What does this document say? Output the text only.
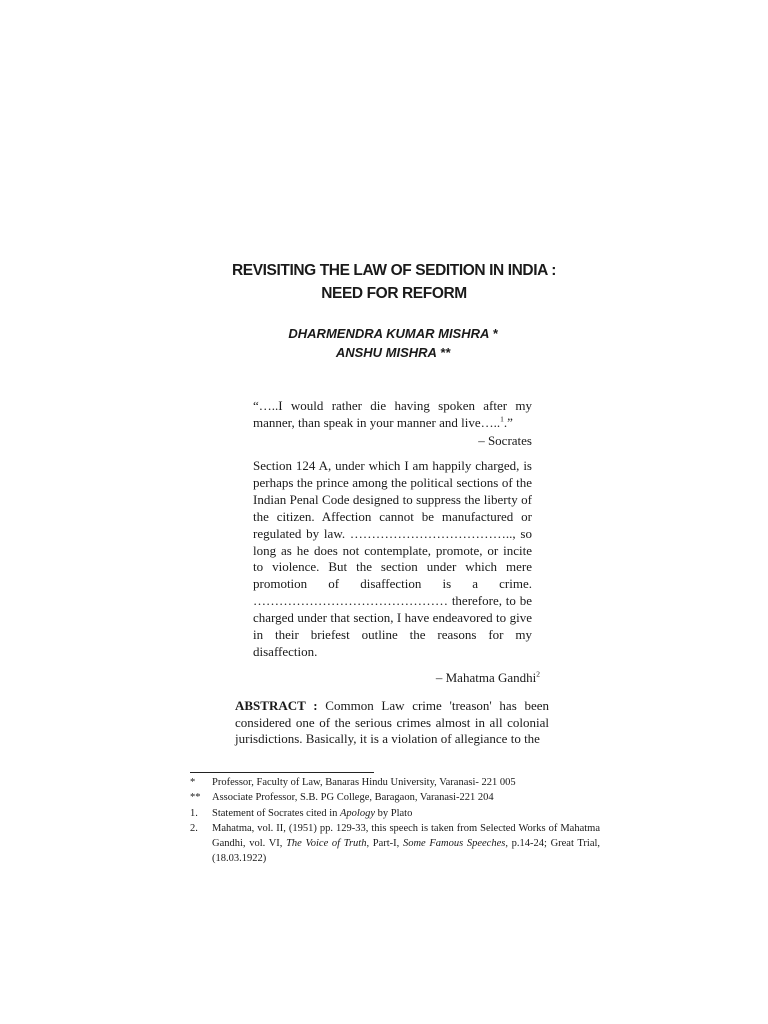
REVISITING THE LAW OF SEDITION IN INDIA :
NEED FOR REFORM
DHARMENDRA KUMAR MISHRA *
ANSHU MISHRA **

“…..I would rather die having spoken after my manner, than speak in your manner and live…..$^1$.”

– Socrates

Section 124 A, under which I am happily charged, is perhaps the prince among the political sections of the Indian Penal Code designed to suppress the liberty of the citizen. Affection cannot be manufactured or regulated by law. ……………………………….., so long as he does not contemplate, promote, or incite to violence. But the section under which mere promotion of disaffection is a crime. ……………………………………… therefore, to be charged under that section, I have endeavored to give in their briefest outline the reasons for my disaffection.

– Mahatma Gandhi$^2$

ABSTRACT : Common Law crime 'treason' has been considered one of the serious crimes almost in all colonial jurisdictions. Basically, it is a violation of allegiance to the

*	Professor, Faculty of Law, Banaras Hindu University, Varanasi- 221 005
**	Associate Professor, S.B. PG College, Baragaon, Varanasi-221 204
1.	Statement of Socrates cited in Apology by Plato
2.	Mahatma, vol. II, (1951) pp. 129-33, this speech is taken from Selected Works of Mahatma Gandhi, vol. VI, The Voice of Truth, Part-I, Some Famous Speeches, p.14-24; Great Trial, (18.03.1922)
